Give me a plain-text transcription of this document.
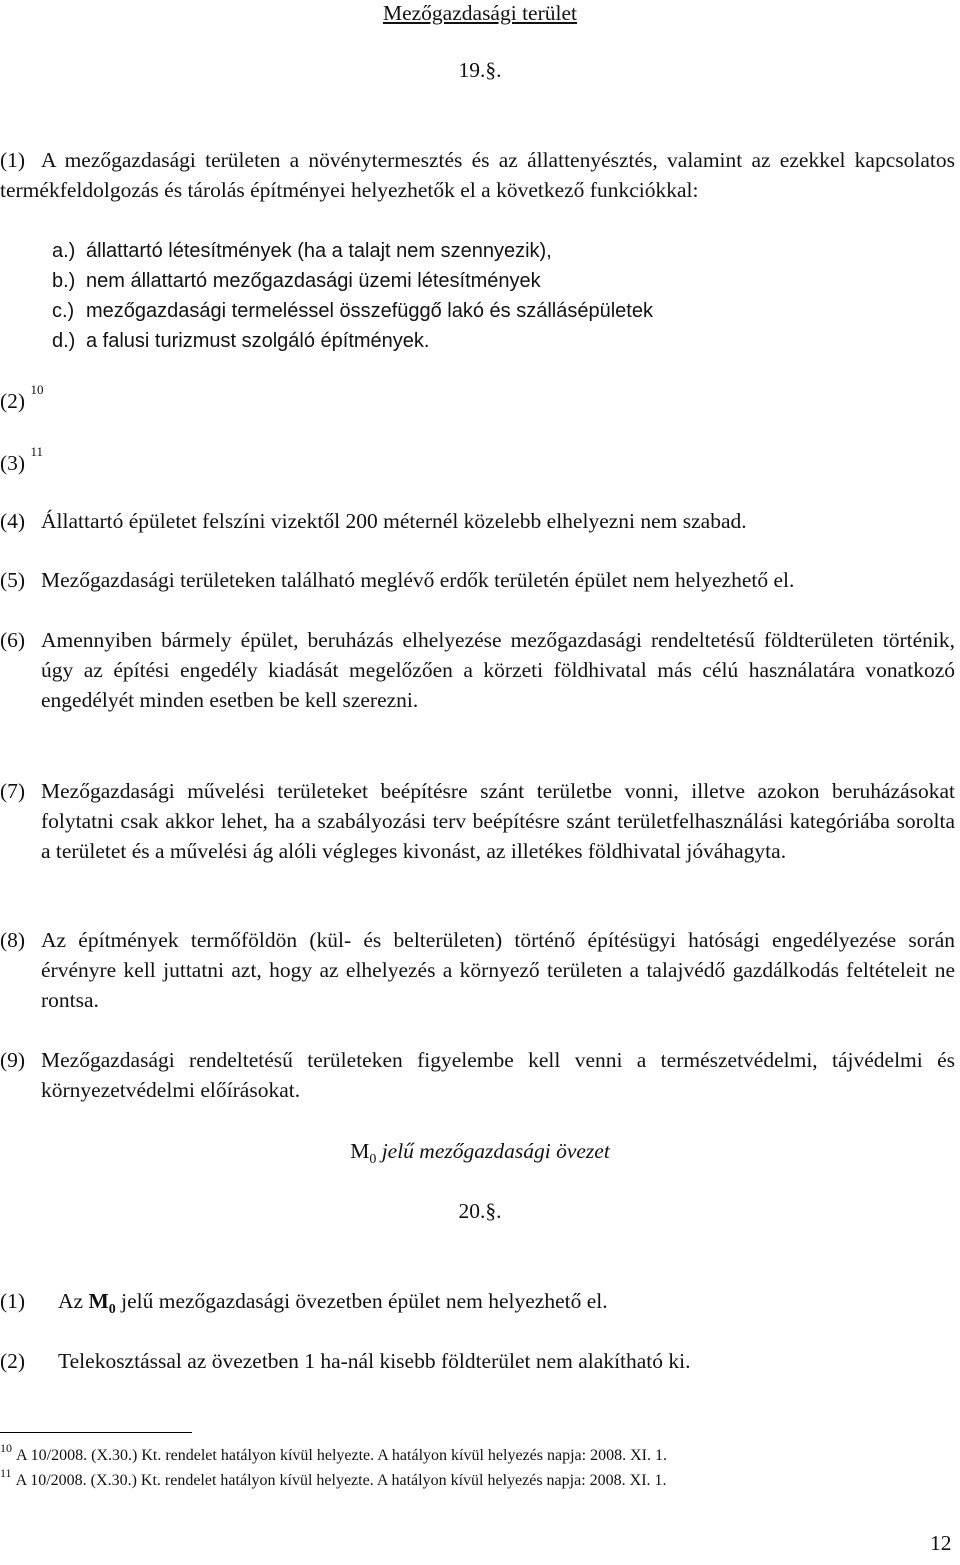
Mezőgazdasági terület
19.§.
(1) A mezőgazdasági területen a növénytermesztés és az állattenyésztés, valamint az ezekkel kapcsolatos termékfeldolgozás és tárolás építményei helyezhetők el a következő funkciókkal:
a.) állattartó létesítmények (ha a talajt nem szennyezik),
b.) nem állattartó mezőgazdasági üzemi létesítmények
c.) mezőgazdasági termeléssel összefüggő lakó és szállásépületek
d.) a falusi turizmust szolgáló építmények.
(2) $^{10}$
(3) $^{11}$
(4) Állattartó épületet felszíni vizektől 200 méternél közelebb elhelyezni nem szabad.
(5) Mezőgazdasági területeken található meglévő erdők területén épület nem helyezhető el.
(6) Amennyiben bármely épület, beruházás elhelyezése mezőgazdasági rendeltetésű földterületen történik, úgy az építési engedély kiadását megelőzően a körzeti földhivatal más célú használatára vonatkozó engedélyét minden esetben be kell szerezni.
(7) Mezőgazdasági művelési területeket beépítésre szánt területbe vonni, illetve azokon beruházásokat folytatni csak akkor lehet, ha a szabályozási terv beépítésre szánt területfelhasználási kategóriába sorolta a területet és a művelési ág alóli végleges kivonást, az illetékes földhivatal jóváhagyta.
(8) Az építmények termőföldön (kül- és belterületen) történő építésügyi hatósági engedélyezése során érvényre kell juttatni azt, hogy az elhelyezés a környező területen a talajvédő gazdálkodás feltételeit ne rontsa.
(9) Mezőgazdasági rendeltetésű területeken figyelembe kell venni a természetvédelmi, tájvédelmi és környezetvédelmi előírásokat.
$M_0$ jelű mezőgazdasági övezet
20.§.
(1) Az $M_0$ jelű mezőgazdasági övezetben épület nem helyezhető el.
(2) Telekosztással az övezetben 1 ha-nál kisebb földterület nem alakítható ki.
$^{10}$ A 10/2008. (X.30.) Kt. rendelet hatályon kívül helyezte. A hatályon kívül helyezés napja: 2008. XI. 1.
$^{11}$ A 10/2008. (X.30.) Kt. rendelet hatályon kívül helyezte. A hatályon kívül helyezés napja: 2008. XI. 1.
12
